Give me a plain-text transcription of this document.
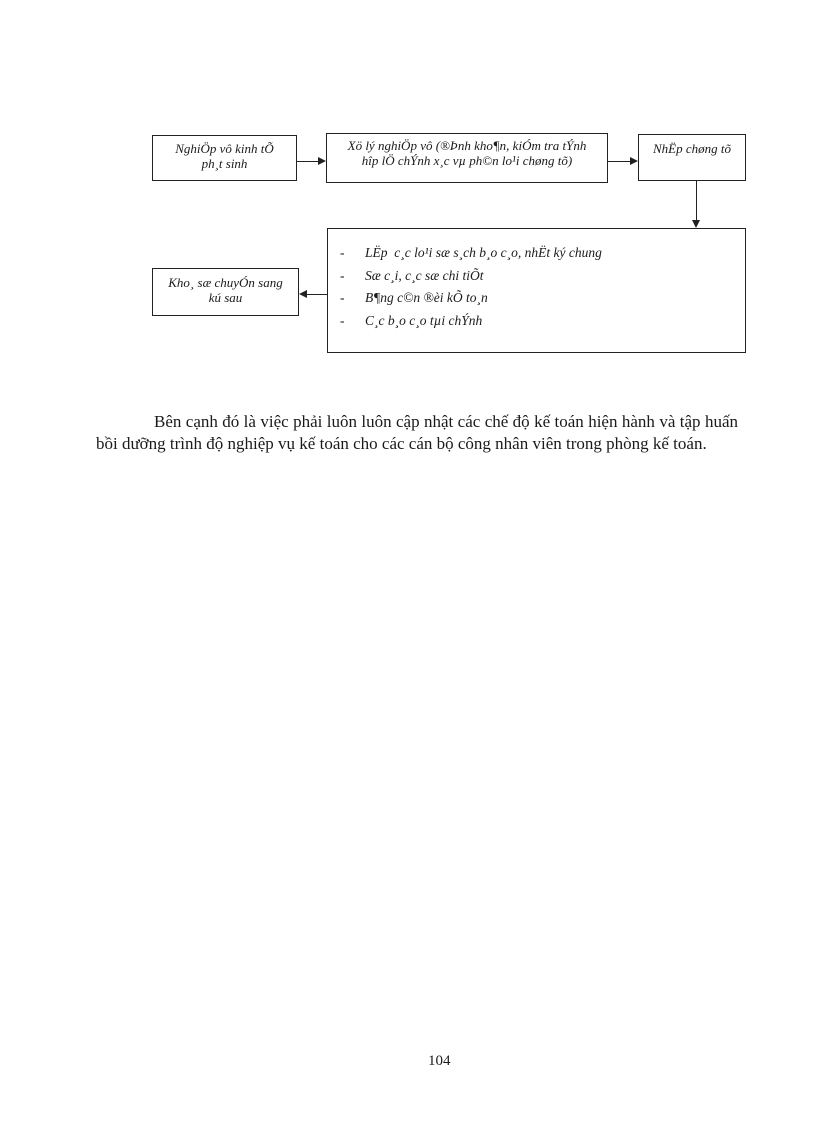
NghiÖp vô kinh tÕ
ph¸t sinh
Xö lý nghiÖp vô (®Þnh kho¶n, kiÓm tra tÝnh
hîp lÖ chÝnh x¸c vµ ph©n lo¹i chøng tõ)
NhËp chøng tõ
-	LËp  c¸c lo¹i sæ s¸ch b¸o c¸o, nhËt ký chung
-	Sæ c¸i, c¸c sæ chi tiÕt
-	B¶ng c©n ®èi kÕ to¸n
-	C¸c b¸o c¸o tµi chÝnh
Kho¸ sæ chuyÓn sang
kú sau

Bên cạnh đó là việc phải luôn luôn cập nhật các chế độ kế toán hiện hành và tập huấn bồi dưỡng trình độ nghiệp vụ kế toán cho các cán bộ công nhân viên trong phòng kế toán.

104
